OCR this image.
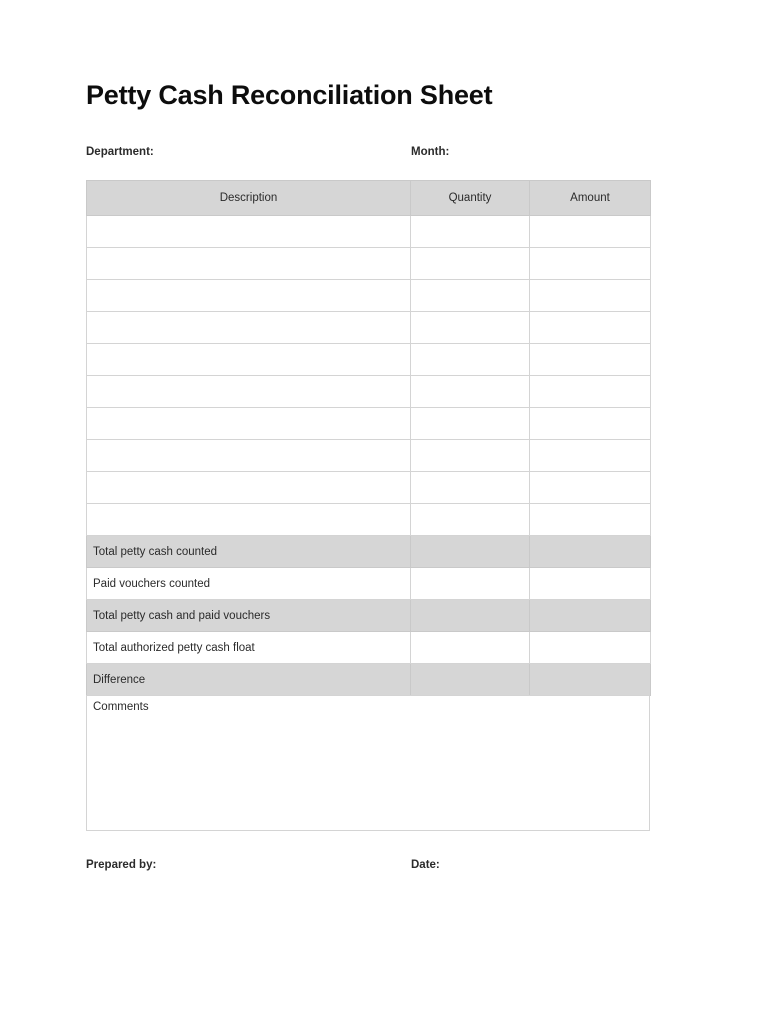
Petty Cash Reconciliation Sheet
Department:	Month:
Description	Quantity	Amount

Total petty cash counted		
Paid vouchers counted		
Total petty cash and paid vouchers		
Total authorized petty cash float		
Difference		
Comments
Prepared by:	Date:
